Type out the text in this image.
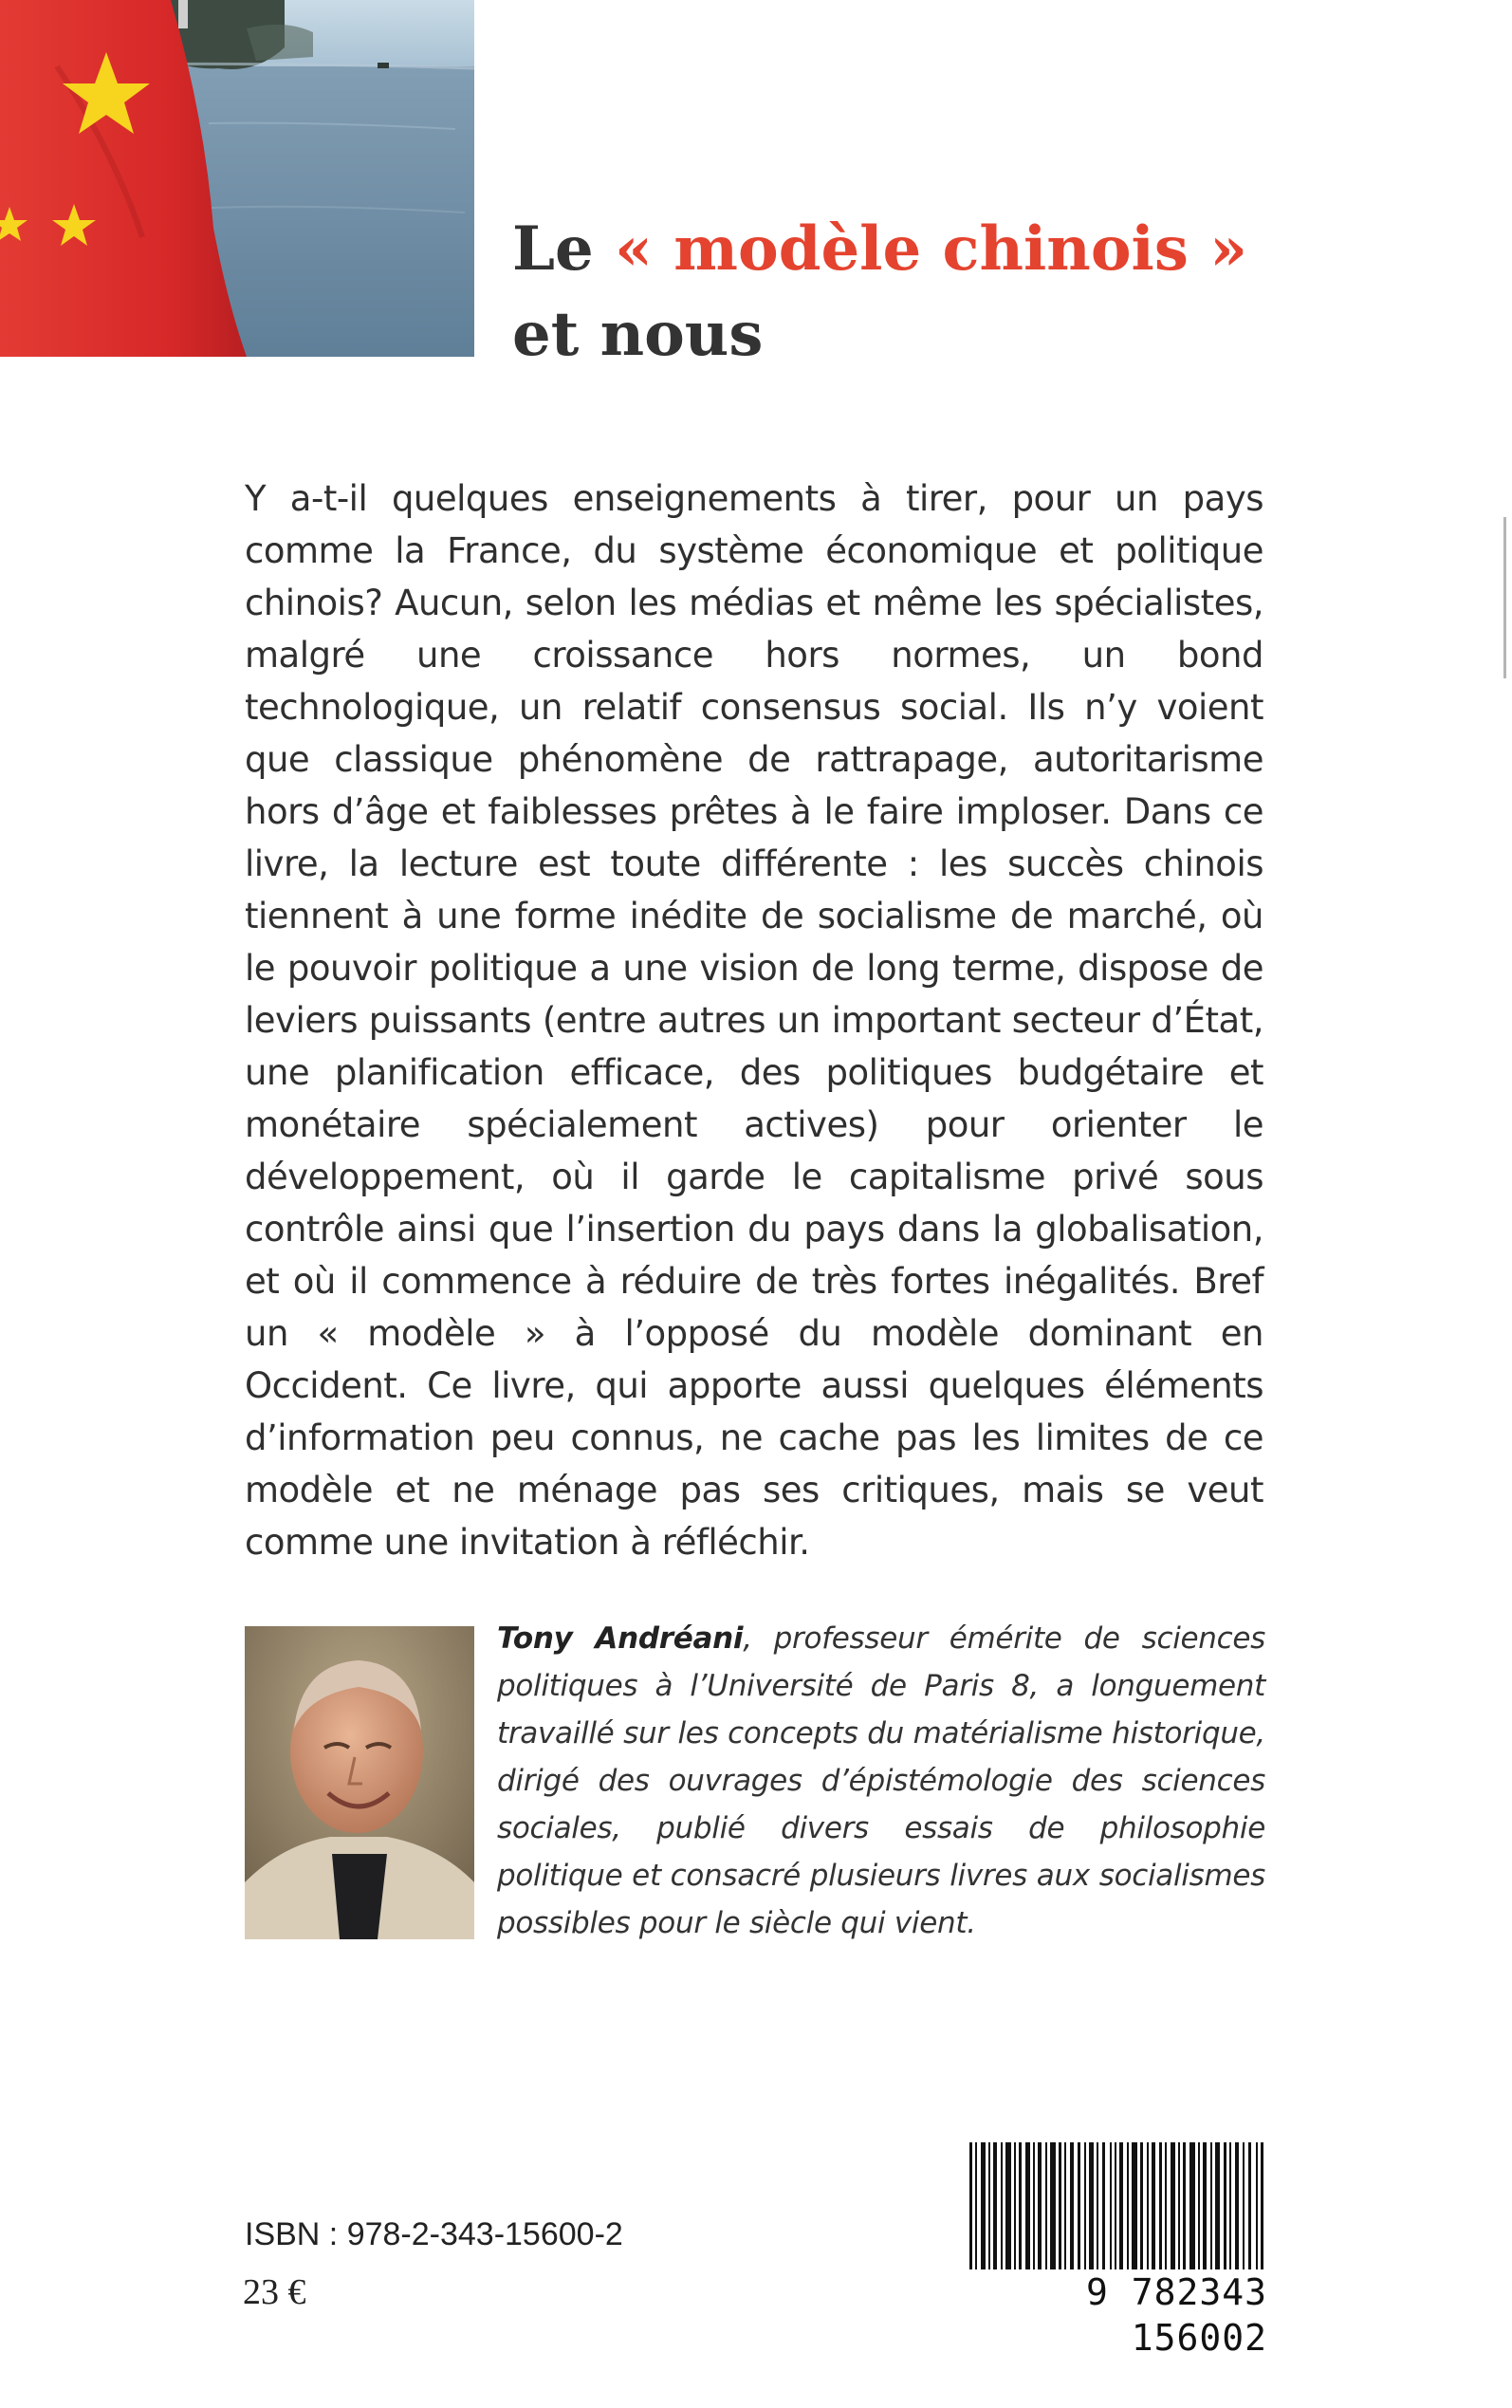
Le « modèle chinois »
et nous

Y a-t-il quelques enseignements à tirer, pour un pays comme la France, du système économique et politique chinois? Aucun, selon les médias et même les spécialistes, malgré une croissance hors normes, un bond technologique, un relatif consensus social. Ils n’y voient que classique phénomène de rattrapage, autoritarisme hors d’âge et faiblesses prêtes à le faire imploser. Dans ce livre, la lecture est toute différente : les succès chinois tiennent à une forme inédite de socialisme de marché, où le pouvoir politique a une vision de long terme, dispose de leviers puissants (entre autres un important secteur d’État, une planification efficace, des politiques budgétaire et monétaire spécialement actives) pour orienter le développement, où il garde le capitalisme privé sous contrôle ainsi que l’insertion du pays dans la globalisation, et où il commence à réduire de très fortes inégalités. Bref un « modèle » à l’opposé du modèle dominant en Occident. Ce livre, qui apporte aussi quelques éléments d’information peu connus, ne cache pas les limites de ce modèle et ne ménage pas ses critiques, mais se veut comme une invitation à réfléchir.

Tony Andréani, professeur émérite de sciences politiques à l’Université de Paris 8, a longuement travaillé sur les concepts du matérialisme historique, dirigé des ouvrages d’épistémologie des sciences sociales, publié divers essais de philosophie politique et consacré plusieurs livres aux socialismes possibles pour le siècle qui vient.

ISBN : 978-2-343-15600-2

23 €	9 782343 156002
